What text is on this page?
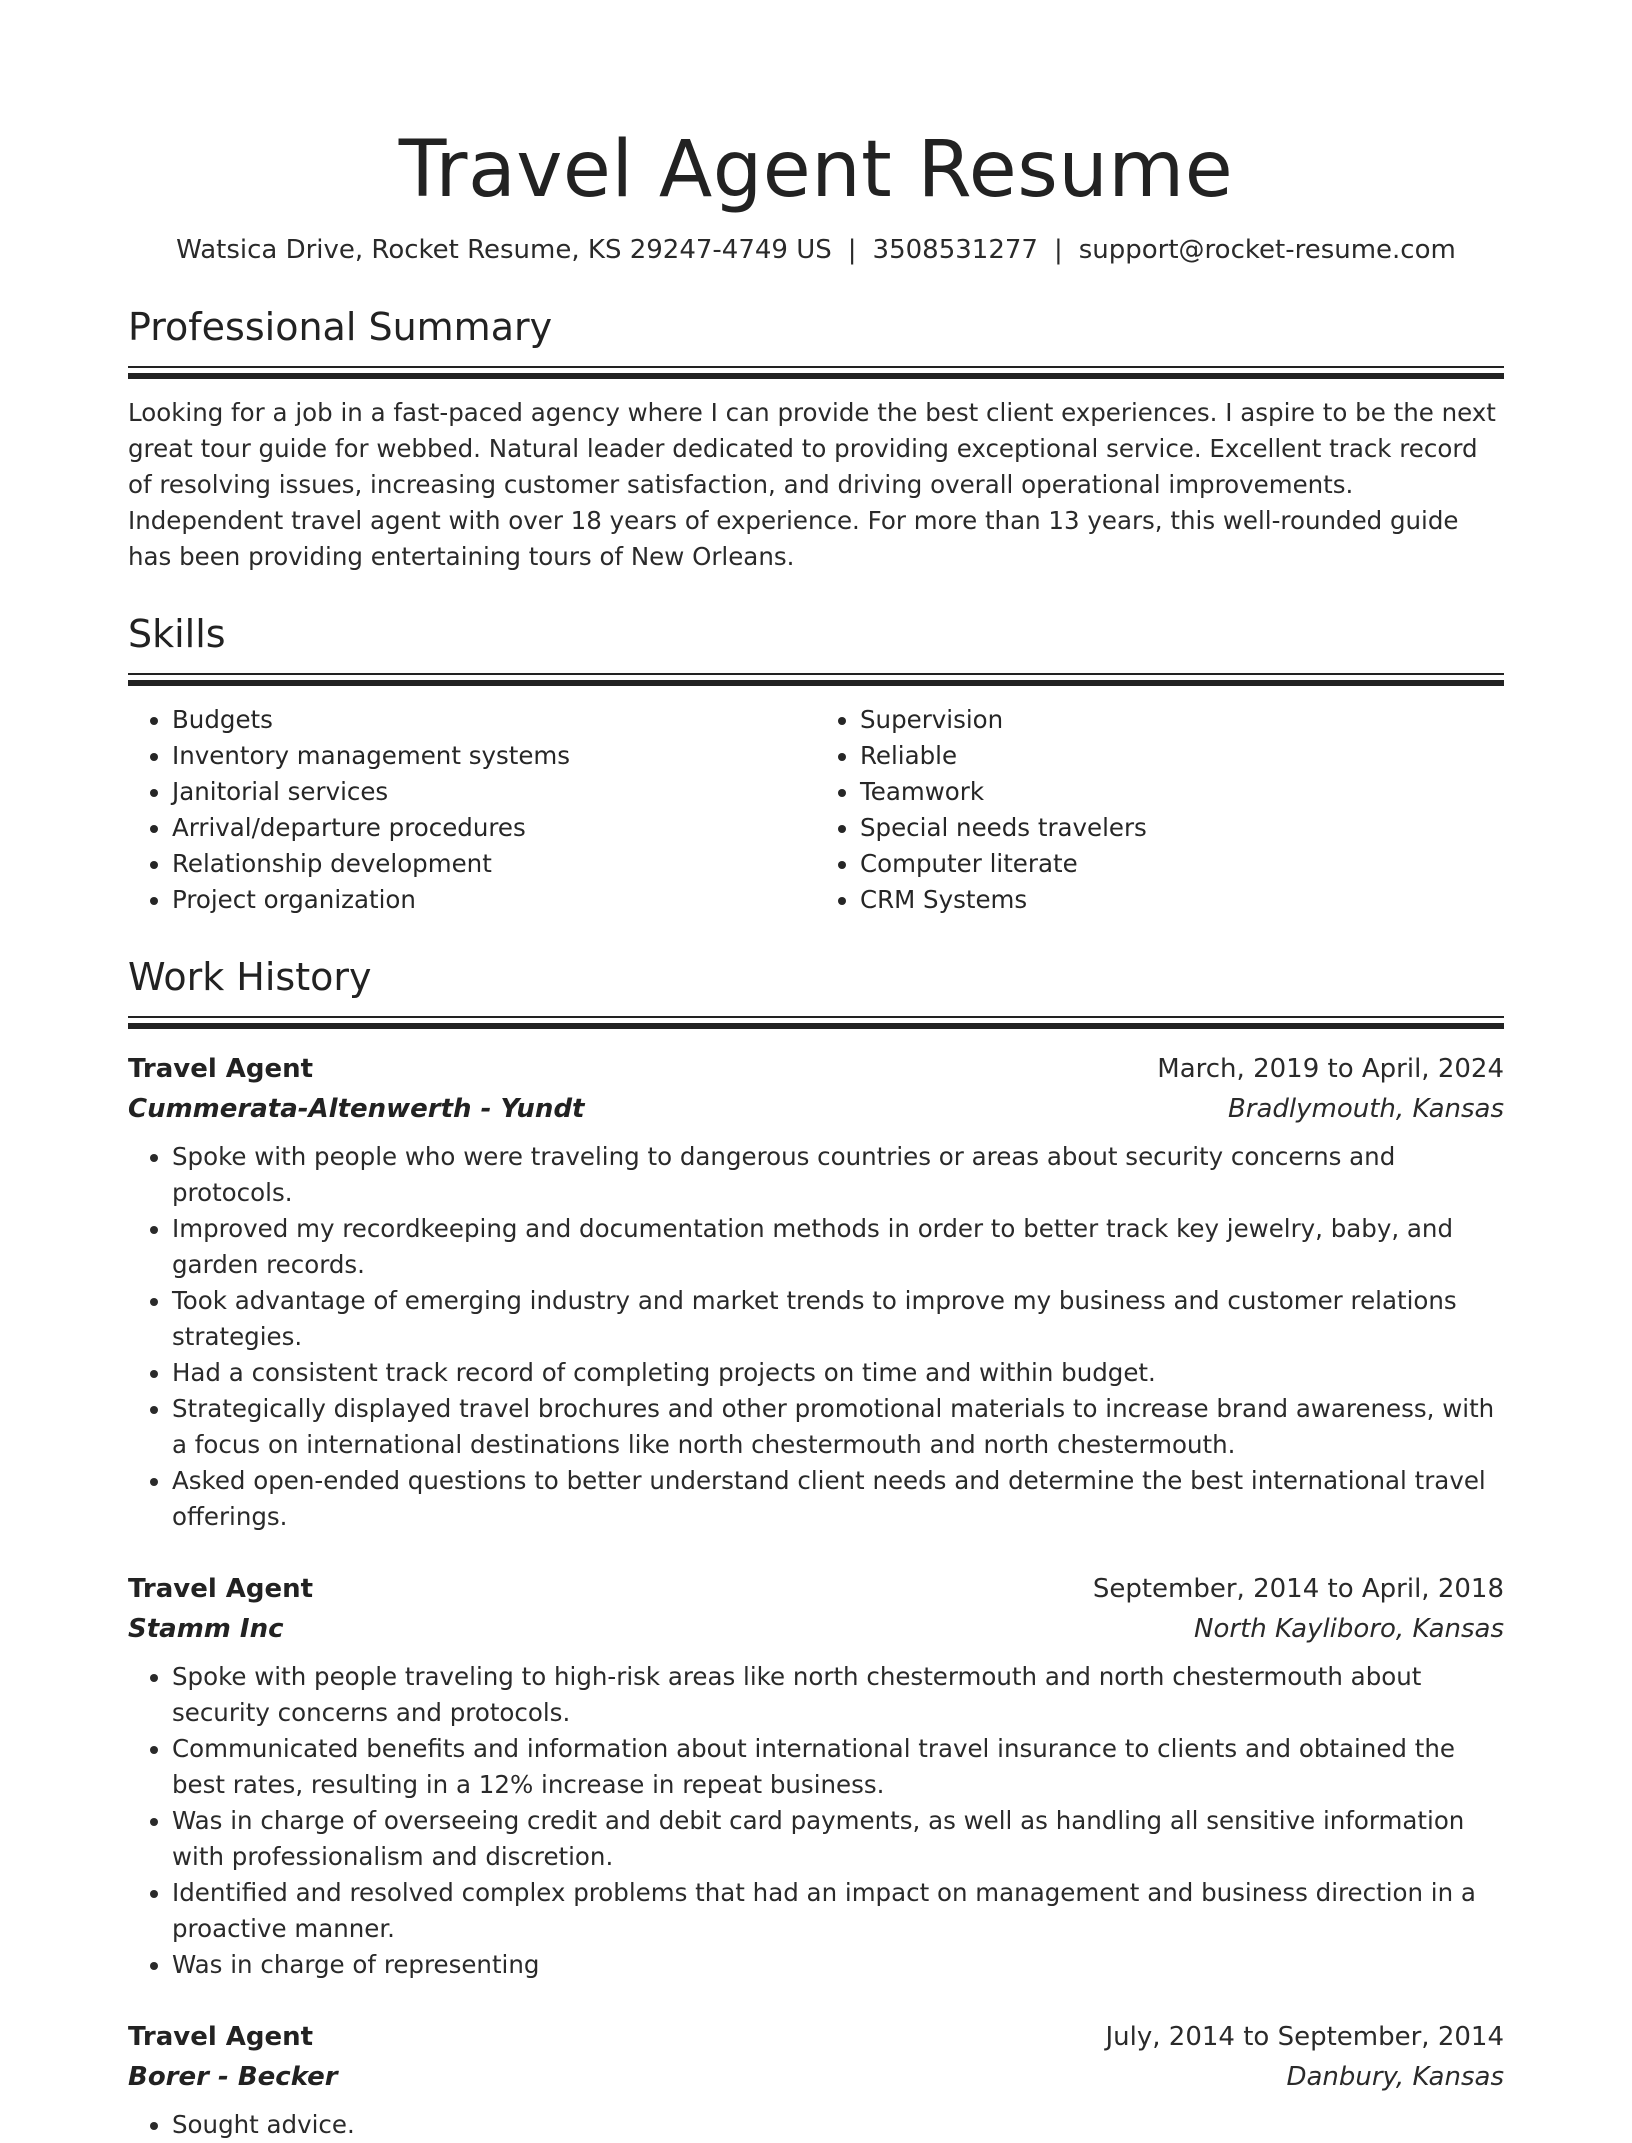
Travel Agent Resume
Watsica Drive, Rocket Resume, KS 29247-4749 US | 3508531277 | support@rocket-resume.com
Professional Summary
Looking for a job in a fast-paced agency where I can provide the best client experiences. I aspire to be the next great tour guide for webbed. Natural leader dedicated to providing exceptional service. Excellent track record of resolving issues, increasing customer satisfaction, and driving overall operational improvements. Independent travel agent with over 18 years of experience. For more than 13 years, this well-rounded guide has been providing entertaining tours of New Orleans.
Skills
• Budgets
• Inventory management systems
• Janitorial services
• Arrival/departure procedures
• Relationship development
• Project organization
• Supervision
• Reliable
• Teamwork
• Special needs travelers
• Computer literate
• CRM Systems
Work History
Travel Agent	March, 2019 to April, 2024
Cummerata-Altenwerth - Yundt	Bradlymouth, Kansas
• Spoke with people who were traveling to dangerous countries or areas about security concerns and protocols.
• Improved my recordkeeping and documentation methods in order to better track key jewelry, baby, and garden records.
• Took advantage of emerging industry and market trends to improve my business and customer relations strategies.
• Had a consistent track record of completing projects on time and within budget.
• Strategically displayed travel brochures and other promotional materials to increase brand awareness, with a focus on international destinations like north chestermouth and north chestermouth.
• Asked open-ended questions to better understand client needs and determine the best international travel offerings.
Travel Agent	September, 2014 to April, 2018
Stamm Inc	North Kayliboro, Kansas
• Spoke with people traveling to high-risk areas like north chestermouth and north chestermouth about security concerns and protocols.
• Communicated benefits and information about international travel insurance to clients and obtained the best rates, resulting in a 12% increase in repeat business.
• Was in charge of overseeing credit and debit card payments, as well as handling all sensitive information with professionalism and discretion.
• Identified and resolved complex problems that had an impact on management and business direction in a proactive manner.
• Was in charge of representing
Travel Agent	July, 2014 to September, 2014
Borer - Becker	Danbury, Kansas
• Sought advice.
